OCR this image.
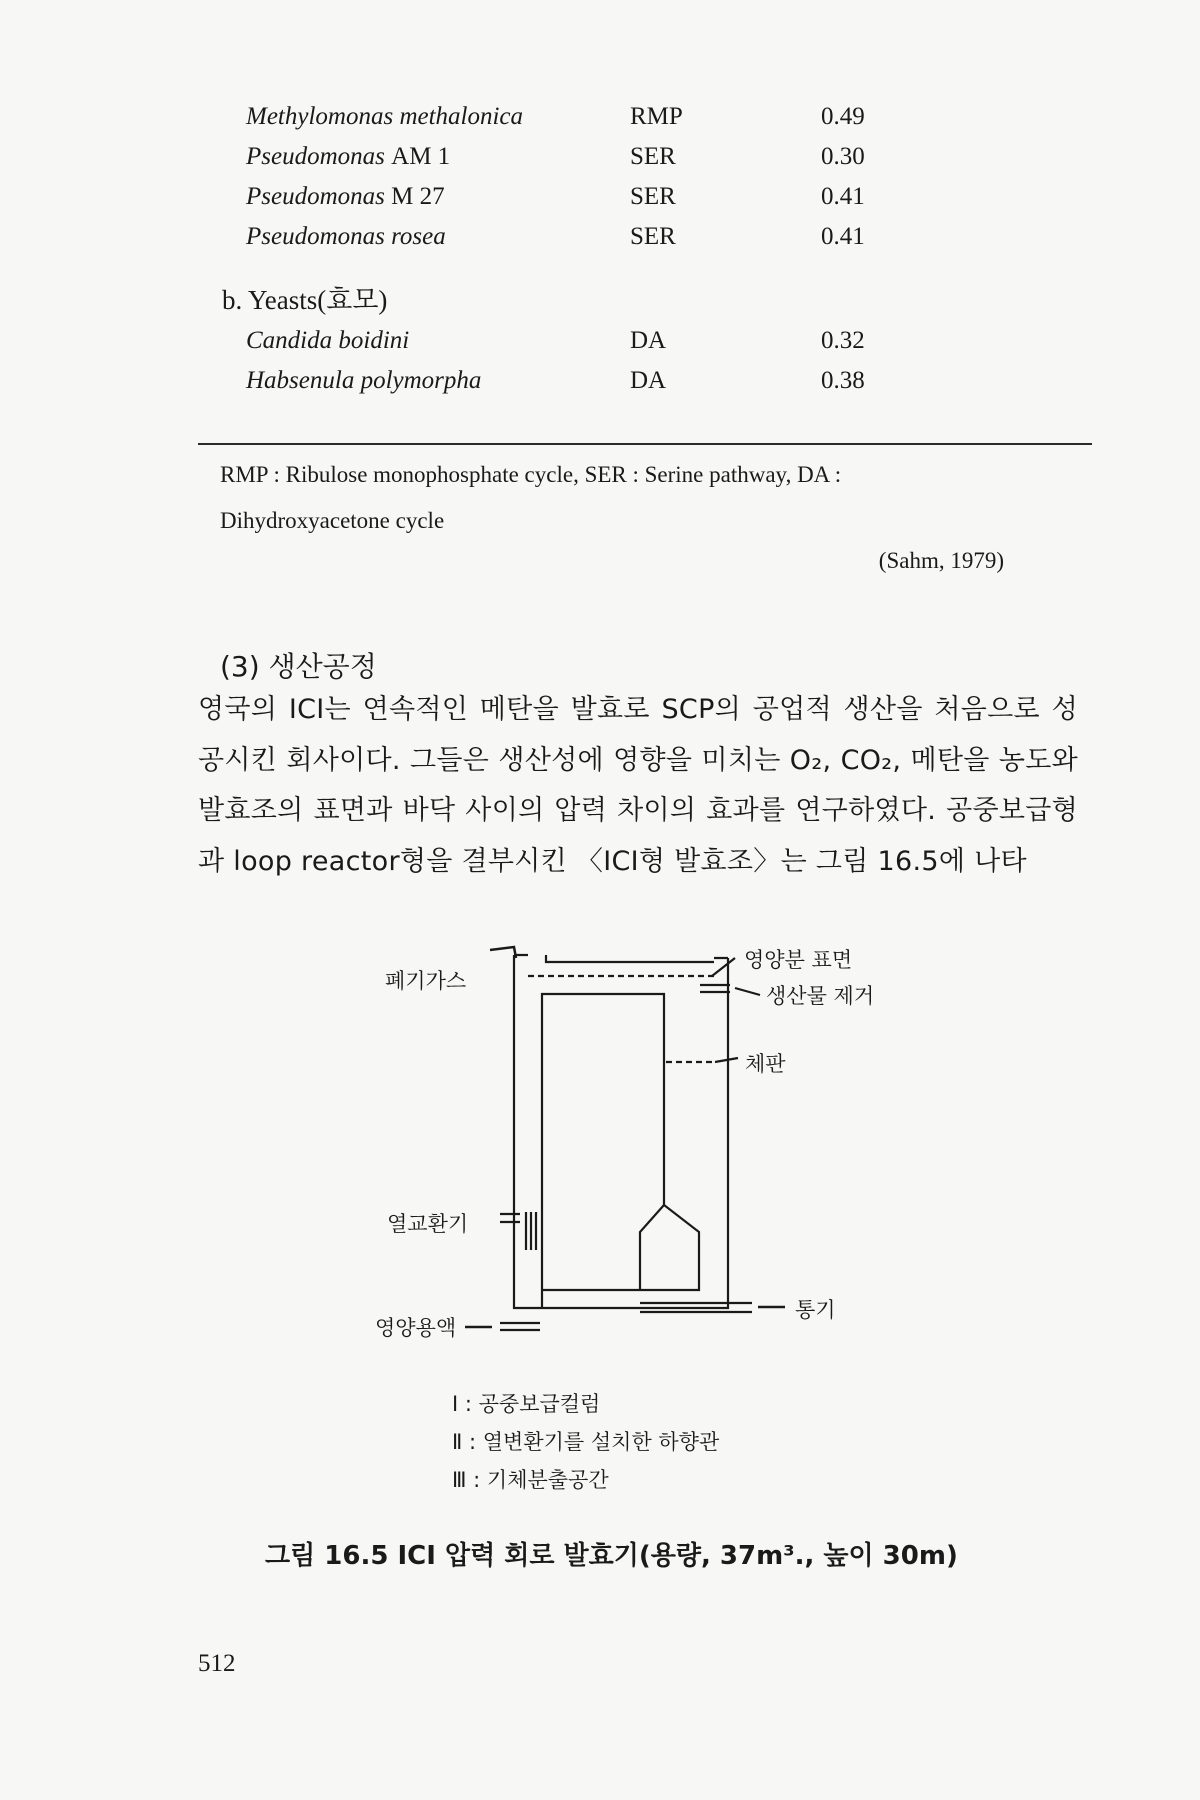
Methylomonas methalonica	RMP	0.49
Pseudomonas AM 1	SER	0.30
Pseudomonas M 27	SER	0.41
Pseudomonas rosea	SER	0.41
b. Yeasts(효모)
Candida boidini	DA	0.32
Habsenula polymorpha	DA	0.38
RMP : Ribulose monophosphate cycle, SER : Serine pathway, DA :
Dihydroxyacetone cycle
(Sahm, 1979)
(3) 생산공정
영국의 ICI는 연속적인 메탄을 발효로 SCP의 공업적 생산을 처음으로 성공시킨 회사이다. 그들은 생산성에 영향을 미치는 O₂, CO₂, 메탄을 농도와 발효조의 표면과 바닥 사이의 압력 차이의 효과를 연구하였다. 공중보급형과 loop reactor형을 결부시킨 〈ICI형 발효조〉는 그림 16.5에 나타
폐기가스
영양분 표면
생산물 제거
체판
열교환기
영양용액
통기
Ⅰ : 공중보급컬럼
Ⅱ : 열변환기를 설치한 하향관
Ⅲ : 기체분출공간
그림 16.5 ICI 압력 회로 발효기(용량, 37m³., 높이 30m)
512
